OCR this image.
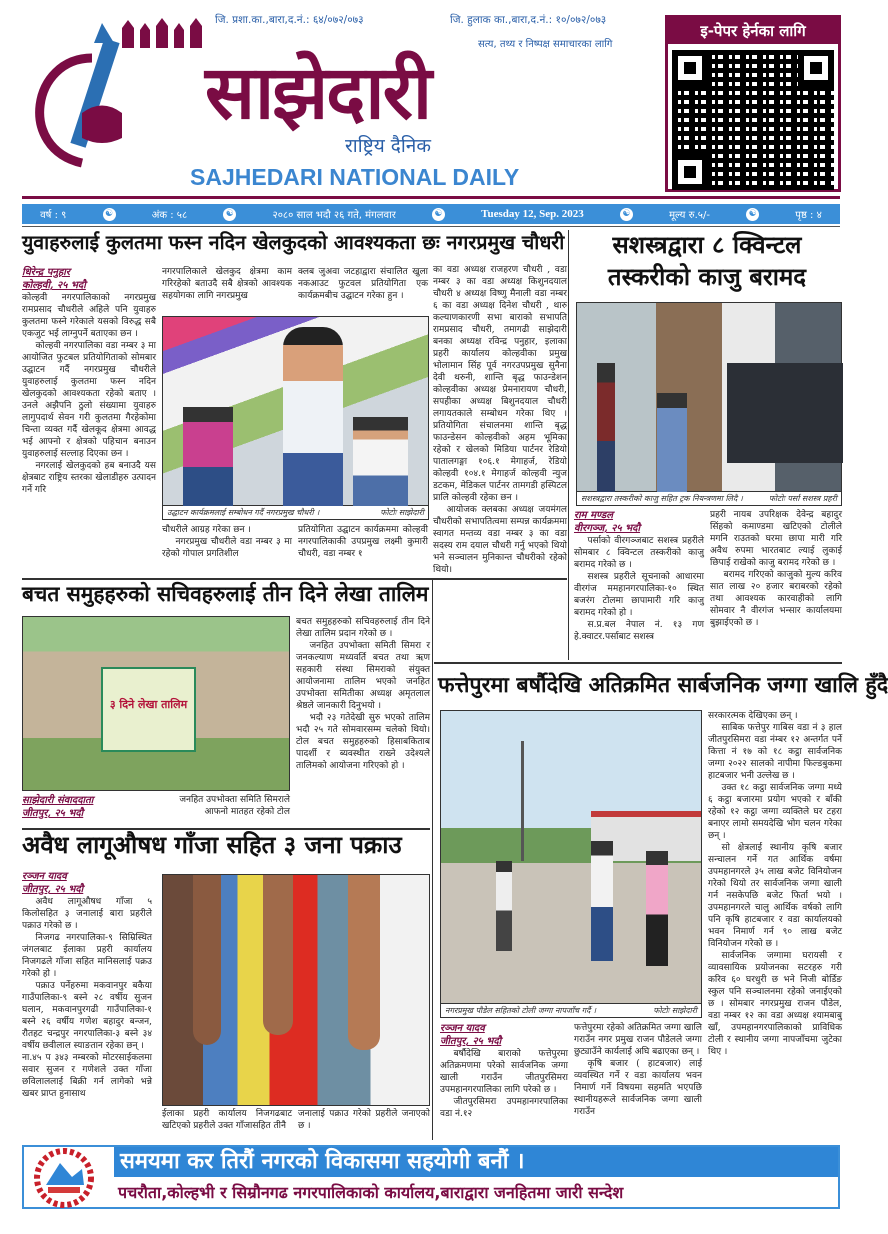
जि. प्रशा.का.,बारा,द.नं.: ६४/०७२/०७३	जि. हुलाक का.,बारा,द.नं.: १०/०७२/०७३
सत्य, तथ्य र निष्पक्ष समाचारका लागि
साझेदारी
राष्ट्रिय दैनिक
SAJHEDARI NATIONAL DAILY
इ-पेपर हेर्नका लागि
वर्ष : ९	☯	अंक : ५८	☯	२०८० साल भदौ २६ गते, मंगलवार	☯	Tuesday 12, Sep. 2023	☯	मूल्य रु.५/-	☯	पृष्ठ : ४
युवाहरुलाई कुलतमा फस्न नदिन खेलकुदको आवश्यकता छः नगरप्रमुख चौधरी
धिरेन्द्र पनुहार
कोल्हवी, २५ भदौ

कोल्हवी नगरपालिकाको नगरप्रमुख रामप्रसाद चौधरीले अहिले पनि युवाहरु कुलतमा फस्ने गरेकाले यसको विरुद्ध सबै एकजुट भई लाग्नुपर्ने बताएका छन ।

कोल्हवी नगरपालिका वडा नम्बर ३ मा आयोजित फुटबल प्रतियोगिताको सोमबार उद्घाटन गर्दै नगरप्रमुख चौधरीले युवाहरुलाई कुलतमा फस्न नदिन खेलकुदको आवश्यकता रहेको बताए । उनले अझैपनि ठुलो संख्यामा युवाहरु लागुपदार्थ सेवन गरी कुलतमा गैरहेकोमा चिन्ता व्यक्त गर्दै खेलकूद क्षेत्रमा आवद्ध भई आफ्नो र क्षेत्रको पहिचान बनाउन युवाहरुलाई सल्लाह दिएका छन ।

नगरलाई खेलकुदको हब बनाउदै यस क्षेत्रबाट राष्ट्रिय स्तरका खेलाडीहरु उत्पादन गर्ने गरि

नगरपालिकाले खेलकुद क्षेत्रमा काम गरिरहेको बताउदै सबै क्षेत्रको आवश्यक सहयोगका लागि नगरप्रमुख

क्लब जुअवा जटहाद्वारा संचालित खुला नकआउट फुटवल प्रतियोगिता एक कार्यक्रमबीच उद्घाटन गरेका हुन ।

उद्घाटन कार्यक्रमलाई सम्बोधन गर्दै नगरप्रमुख चौधरी ।	फोटोः साझेदारी

चौधरीले आग्रह गरेका छन ।

नगरप्रमुख चौधरीले वडा नम्बर ३ मा रहेको गोपाल प्रगतिशील

प्रतियोगिता उद्घाटन कार्यक्रममा कोल्हवी नगरपालिकाकी उपप्रमुख लक्ष्मी कुमारी चौधरी, वडा नम्बर १

का वडा अध्यक्ष राजहरण चौधरी , वडा नम्बर ३ का वडा अध्यक्ष किशुनदयाल चौधरी ४ अध्यक्ष विष्णु मैनाली वडा नम्बर ६ का वडा अध्यक्ष दिनेश चौधरी , थारु कल्याणकारणी सभा बाराको सभापति रामप्रसाद चौधरी, तमागढी साझेदारी बनका अध्यक्ष रविन्द्र पनुहार, इलाका प्रहरी कार्यालय कोल्हवीका प्रमुख भोलामान सिंह पूर्व नगरउपप्रमुख सुनैना देवी थरुनी, शान्ति बृद्ध फाउन्डेशन कोल्हवीका अध्यक्ष प्रेमनारायण चौधरी, सपहीका अध्यक्ष बिशुनदयाल चौधरी लगायतकाले सम्बोधन गरेका थिए । प्रतियोगिता संचालनमा शान्ति बृद्ध फाउन्डेसन कोल्हवीको अहम भूमिका रहेको र खेलको मिडिया पार्टनर रेडियो पातालगङ्गा १०६.१ मेगाहर्ज, रेडियो कोल्हवी १०४.१ मेगाहर्ज कोल्हवी न्युज डटकम, मेडिकल पार्टनर तामगडी हस्पिटल प्रालि कोल्हवी रहेका छन ।

आयोजक क्लबका अध्यक्ष जयमंगल चौधरीको सभापतित्वमा सम्पन्न कार्यक्रममा स्वागत मन्तव्य वडा नम्बर ३ का वडा सदस्य राम दयाल चौधरी गर्नु भएको थियो भने सञ्चालन मुनिकान्त चौधरीको रहेको थियो।

सशस्त्रद्वारा ८ क्विन्टल
तस्करीको काजु बरामद
सशस्त्रद्वारा तस्करीको काजु सहित ट्रक नियन्त्रणमा लिदै ।	फोटोः पर्सा सशस्त्र प्रहरी
राम मण्डल
वीरगञ्ज, २५ भदौ

पर्साको वीरगञ्जबाट सशस्त्र प्रहरीले सोमबार ८ क्विन्टल तस्करीको काजु बरामद गरेको छ ।

सशस्त्र प्रहरीले सूचनाको आधारमा वीरगंज ममहानगरपालिका-१० स्थित बजरंग टोलमा छापामारी गरि काजु बरामद गरेको हो ।

स.प्र.बल नेपाल नं. १३ गण हे.क्वाटर.पर्साबाट सशस्त्र

प्रहरी नायब उपरिक्षक देवेन्द्र बहादुर सिंहको कमाण्डमा खटिएको टोलीले मगनि राउतको घरमा छापा मारी गरि अवैध रुपमा भारतबाट ल्याई लुकाई छिपाई राखेको काजु बरामद गरेको छ ।

बरामद गरिएको काजुको मुल्य करिव सात लाख २० हजार बराबरको रहेको तथा आवश्यक कारवाहीको लागि सोमवार नै वीरगंज भन्सार कार्यालयमा बुझाईएको छ ।

बचत समुहहरुको सचिवहरुलाई तीन दिने लेखा तालिम
३ दिने लेखा तालिम
साझेदारी संवाददाता
जीतपुर, २५ भदौ

जनहित उपभोक्ता समिति सिमराले आफनो मातहत रहेको टोल

बचत समुहहरुको सचिवहरुलाई तीन दिने लेखा तालिम प्रदान गरेको छ ।

जनहित उपभोक्ता समिती सिमरा र जनकल्याण मध्यवर्ति बचत तथा ऋण सहकारी संस्था सिमराको संयुक्त आयोजनामा तालिम भएको जनहित उपभोक्ता समितीका अध्यक्ष अमृतलाल श्रेष्ठले जानकारी दिनुभयो ।

भदौ २३ गतेदेखी सुरु भएको तालिम भदौ २५ गते सोमवारसम्म चलेको थियो। टोल बचत समुहहरुको हिसाबकिताब पादर्शी र ब्यवस्थीत राख्ने उदेश्यले तालिमको आयोजना गरिएको हो ।

अवैध लागूऔषध गाँजा सहित ३ जना पक्राउ
रञ्जन यादव
जीतपुर, २५ भदौ

अवैध लागूऔषध गाँजा ५ किलोसहित ३ जनालाई बारा प्रहरीले पक्राउ गरेको छ ।

निजगढ नगरपालिका-९ सिम्रिस्थित जंगलबाट ईलाका प्रहरी कार्यालय निजगढले गाँजा सहित मानिसलाई पक्रउ गरेको हो ।

पक्राउ पर्नेहरुमा मकवानपुर बकैया गाउँपालिका-९ बस्ने २८ वर्षीय सुजन घलान, मकवानपुरगढी गाउँपालिका-१ बस्ने २६ वर्षीय गणेश बहादुर बन्जन, रौतहट चन्द्रपुर नगरपालिका-३ बस्ने ३४ वर्षीय छवीलाल स्याङतान रहेका छन् ।

ना.४५ प ३४३ नम्बरको मोटरसाईकलमा सवार सुजन र गणेशले उक्त गाँजा छविलाललाई बिक्री गर्न लागेको भन्ने खबर प्राप्त हुनासाथ

ईलाका प्रहरी कार्यालय निजगढबाट खटिएको प्रहरीले उक्त गाँजासहित तीनै

जनालाई पक्राउ गरेको प्रहरीले जनाएको छ ।

फत्तेपुरमा बर्षौदेखि अतिक्रमित सार्बजनिक जग्गा खालि हुँदै
नगरप्रमुख पौडेल सहितको टोली जग्गा नापजाँच गर्दै ।	फोटोः साझेदारी
रञ्जन यादव
जीतपुर, २५ भदौ

बर्षौदेखि बाराको फत्तेपुरमा अतिक्रमणमा परेको सार्वजनिक जग्गा खाली गराउँन जीतपुरसिमरा उपमहानगरपालिका लागि परेको छ ।

जीतपुरसिमरा उपमहानगरपालिका वडा नं.१२

फत्तेपुरमा रहेको अतिक्रमित जग्गा खालि गराउँन नगर प्रमुख राजन पौडेलले जग्गा छुट्याउँने कार्यलाई अघि बढाएका छन् ।

कृषि बजार ( हाटबजार) लाई व्यवस्थित गर्ने र वडा कार्यालय भवन निमार्ण गर्ने विषयमा सहमति भएपछि स्थानीयहरूले सार्वजनिक जग्गा खाली गराउँन

सरकारत्मक देखिएका छन् ।

साबिक फत्तेपुर गाबिस वडा नं ३ हाल जीतपुरसिमरा वडा नंम्बर १२ अन्तर्गत पर्ने कित्ता नं १७ को १८ कट्ठा सार्वजनिक जग्गा २०२२ सालको नापीमा फिल्डबुकमा हाटबजार भनी उल्लेख छ ।

उक्त १८ कट्ठा सार्वजनिक जग्गा मध्ये ६ कट्ठा बजारमा प्रयोग भएको र बाँकी रहेको १२ कट्ठा जग्गा व्यक्तिले घर टहरा बनाएर लामो समयदेखि भोग चलन गरेका छन् ।

सो क्षेत्रलाई स्थानीय कृषि बजार सन्चालन गर्ने गत आर्थिक वर्षमा उपमहानगरले ३५ लाख बजेट विनियोजन गरेको थियो तर सार्वजनिक जग्गा खाली गर्न नसकेपछि बजेट फिर्ता भयो । उपमहानगरले चालु आर्थिक वर्षको लागि पनि कृषि हाटबजार र वडा कार्यालयको भवन निमार्ण गर्न ९० लाख बजेट विनियोजन गरेको छ ।

सार्वजनिक जग्गामा घरायसी र व्यावसायिक प्रयोजनका सटरहरु गरी करिव ६० घरधुरी छ भने निजी बोर्डिङ स्कुल पनि सञ्चालनमा रहेको जनाईएको छ । सोमबार नगरप्रमुख राजन पौडेल, वडा नम्बर १२ का वडा अध्यक्ष श्यामबाबु खाँ, उपमहानगरपालिकाको प्राविधिक टोली र स्थानीय जग्गा नापजाँचमा जुटेका थिए ।

समयमा कर तिरौं नगरको विकासमा सहयोगी बनौं ।
पचरौता,कोल्हभी र सिम्रौनगढ नगरपालिकाको कार्यालय,बाराद्वारा जनहितमा जारी सन्देश
